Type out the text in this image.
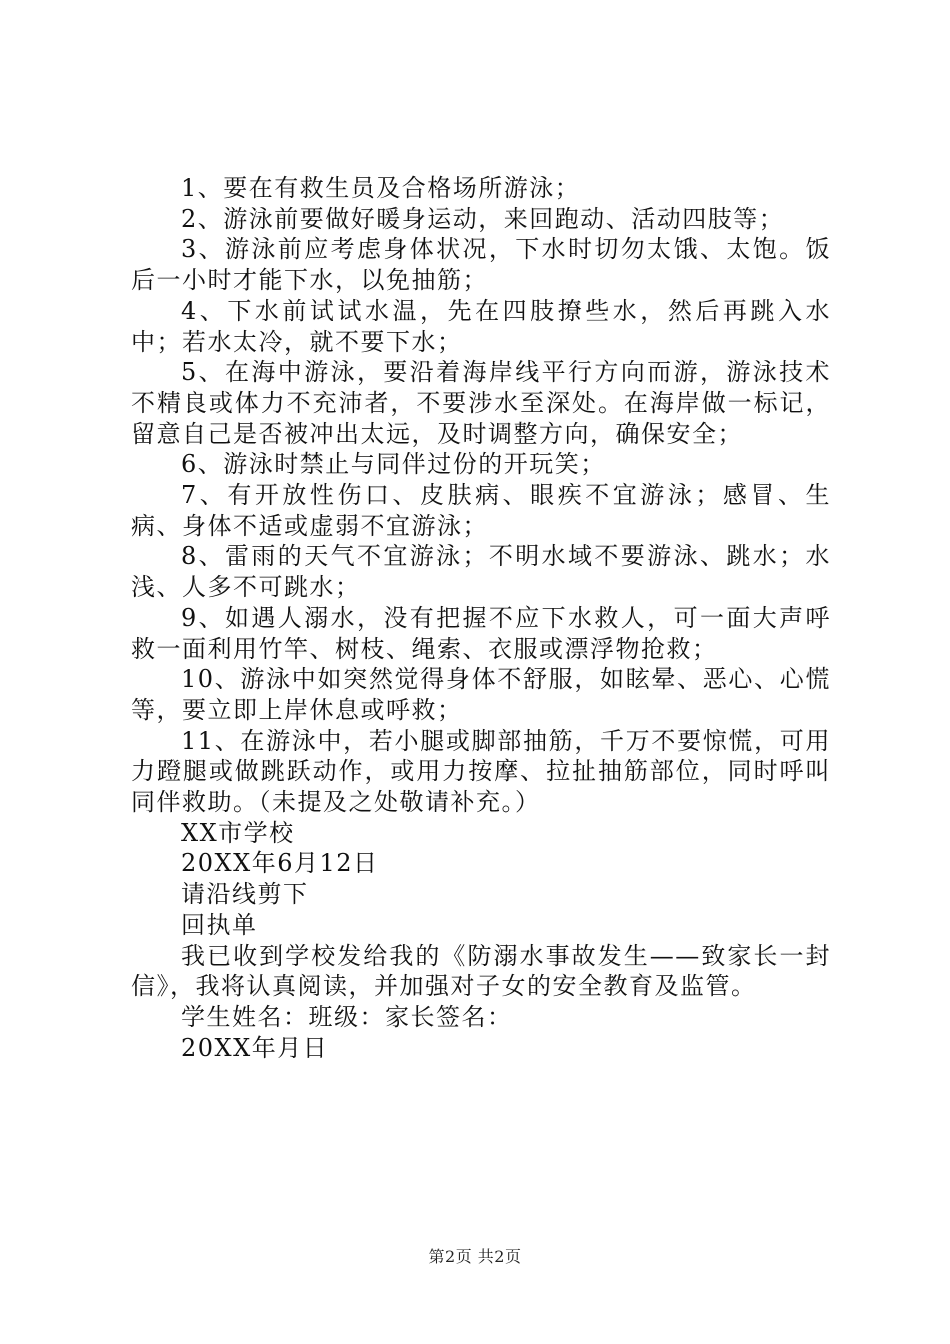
1、要在有救生员及合格场所游泳；

2、游泳前要做好暖身运动，来回跑动、活动四肢等；

3、游泳前应考虑身体状况，下水时切勿太饿、太饱。饭后一小时才能下水，以免抽筋；

4、下水前试试水温，先在四肢撩些水，然后再跳入水中；若水太冷，就不要下水；

5、在海中游泳，要沿着海岸线平行方向而游，游泳技术不精良或体力不充沛者，不要涉水至深处。在海岸做一标记，留意自己是否被冲出太远，及时调整方向，确保安全；

6、游泳时禁止与同伴过份的开玩笑；

7、有开放性伤口、皮肤病、眼疾不宜游泳；感冒、生病、身体不适或虚弱不宜游泳；

8、雷雨的天气不宜游泳；不明水域不要游泳、跳水；水浅、人多不可跳水；

9、如遇人溺水，没有把握不应下水救人，可一面大声呼救一面利用竹竿、树枝、绳索、衣服或漂浮物抢救；

10、游泳中如突然觉得身体不舒服，如眩晕、恶心、心慌等，要立即上岸休息或呼救；

11、在游泳中，若小腿或脚部抽筋，千万不要惊慌，可用力蹬腿或做跳跃动作，或用力按摩、拉扯抽筋部位，同时呼叫同伴救助。（未提及之处敬请补充。）

XX市学校

20XX年6月12日

请沿线剪下

回执单

我已收到学校发给我的《防溺水事故发生——致家长一封信》，我将认真阅读，并加强对子女的安全教育及监管。

学生姓名：班级：家长签名：

20XX年月日

第2页 共2页
